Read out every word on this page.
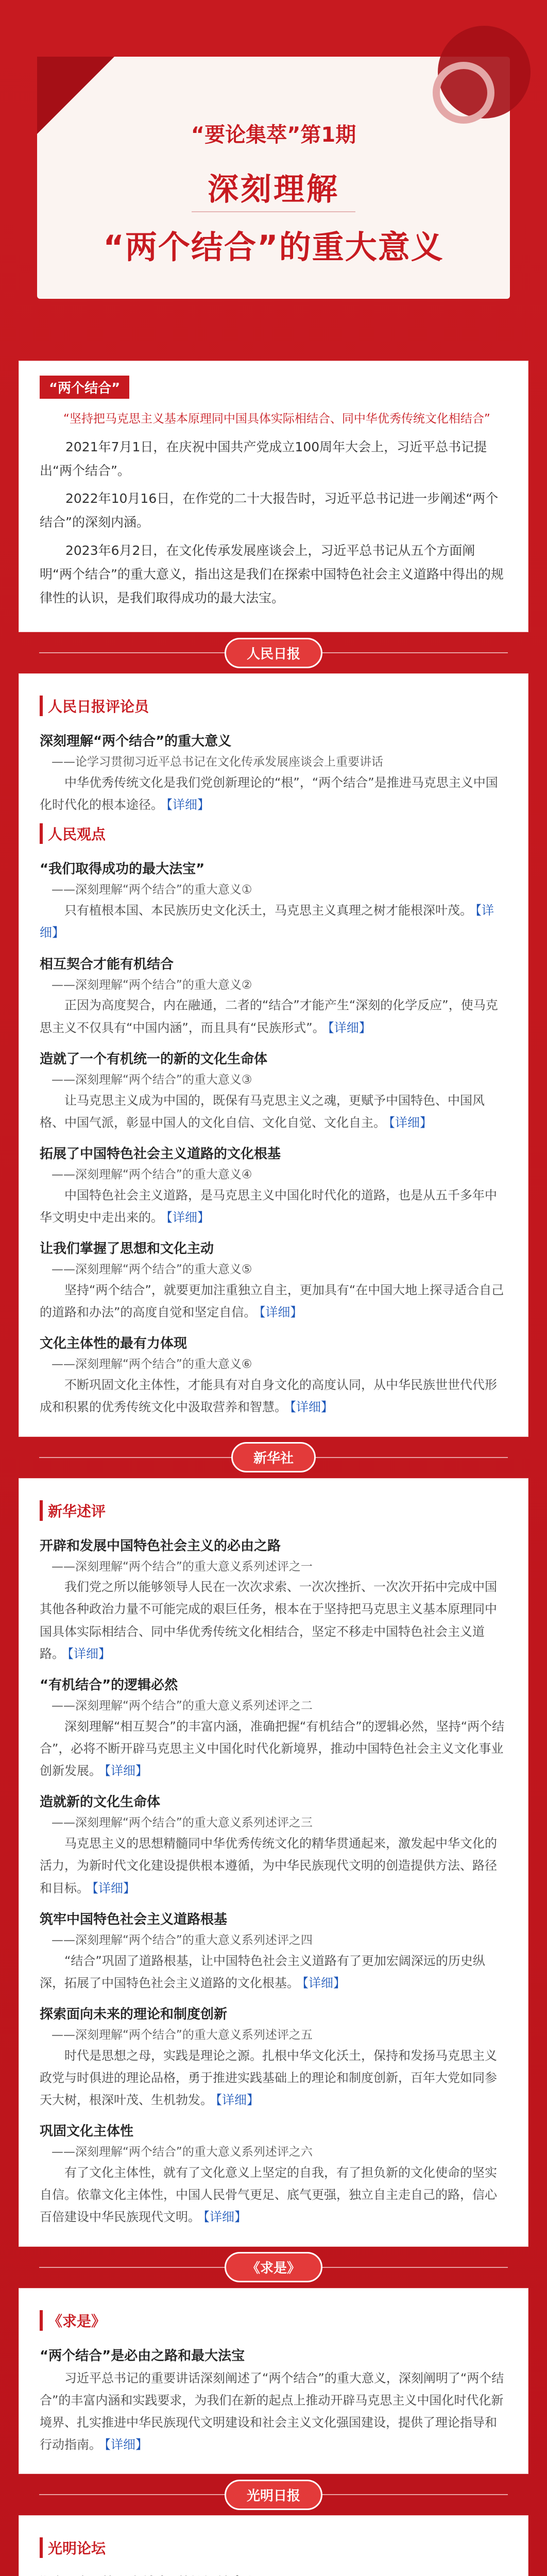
“要论集萃”第1期
深刻理解
“两个结合”的重大意义
“两个结合”
“坚持把马克思主义基本原理同中国具体实际相结合、同中华优秀传统文化相结合”
2021年7月1日，在庆祝中国共产党成立100周年大会上，习近平总书记提出“两个结合”。
2022年10月16日，在作党的二十大报告时，习近平总书记进一步阐述“两个结合”的深刻内涵。
2023年6月2日，在文化传承发展座谈会上，习近平总书记从五个方面阐明“两个结合”的重大意义，指出这是我们在探索中国特色社会主义道路中得出的规律性的认识，是我们取得成功的最大法宝。
人民日报
人民日报评论员
深刻理解“两个结合”的重大意义
——论学习贯彻习近平总书记在文化传承发展座谈会上重要讲话
中华优秀传统文化是我们党创新理论的“根”，“两个结合”是推进马克思主义中国化时代化的根本途径。 【详细】
人民观点
“我们取得成功的最大法宝”
——深刻理解“两个结合”的重大意义①
只有植根本国、本民族历史文化沃土，马克思主义真理之树才能根深叶茂。 【详细】
相互契合才能有机结合
——深刻理解“两个结合”的重大意义②
正因为高度契合，内在融通，二者的“结合”才能产生“深刻的化学反应”，使马克思主义不仅具有“中国内涵”，而且具有“民族形式”。 【详细】
造就了一个有机统一的新的文化生命体
——深刻理解“两个结合”的重大意义③
让马克思主义成为中国的，既保有马克思主义之魂，更赋予中国特色、中国风格、中国气派，彰显中国人的文化自信、文化自觉、文化自主。 【详细】
拓展了中国特色社会主义道路的文化根基
——深刻理解“两个结合”的重大意义④
中国特色社会主义道路，是马克思主义中国化时代化的道路，也是从五千多年中华文明史中走出来的。 【详细】
让我们掌握了思想和文化主动
——深刻理解“两个结合”的重大意义⑤
坚持“两个结合”，就要更加注重独立自主，更加具有“在中国大地上探寻适合自己的道路和办法”的高度自觉和坚定自信。 【详细】
文化主体性的最有力体现
——深刻理解“两个结合”的重大意义⑥
不断巩固文化主体性，才能具有对自身文化的高度认同，从中华民族世世代代形成和积累的优秀传统文化中汲取营养和智慧。 【详细】
新华社
新华述评
开辟和发展中国特色社会主义的必由之路
——深刻理解“两个结合”的重大意义系列述评之一
我们党之所以能够领导人民在一次次求索、一次次挫折、一次次开拓中完成中国其他各种政治力量不可能完成的艰巨任务，根本在于坚持把马克思主义基本原理同中国具体实际相结合、同中华优秀传统文化相结合，坚定不移走中国特色社会主义道路。 【详细】
“有机结合”的逻辑必然
——深刻理解“两个结合”的重大意义系列述评之二
深刻理解“相互契合”的丰富内涵，准确把握“有机结合”的逻辑必然，坚持“两个结合”，必将不断开辟马克思主义中国化时代化新境界，推动中国特色社会主义文化事业创新发展。 【详细】
造就新的文化生命体
——深刻理解“两个结合”的重大意义系列述评之三
马克思主义的思想精髓同中华优秀传统文化的精华贯通起来，激发起中华文化的活力，为新时代文化建设提供根本遵循，为中华民族现代文明的创造提供方法、路径和目标。 【详细】
筑牢中国特色社会主义道路根基
——深刻理解“两个结合”的重大意义系列述评之四
“结合”巩固了道路根基，让中国特色社会主义道路有了更加宏阔深远的历史纵深，拓展了中国特色社会主义道路的文化根基。 【详细】
探索面向未来的理论和制度创新
——深刻理解“两个结合”的重大意义系列述评之五
时代是思想之母，实践是理论之源。扎根中华文化沃土，保持和发扬马克思主义政党与时俱进的理论品格，勇于推进实践基础上的理论和制度创新，百年大党如同参天大树，根深叶茂、生机勃发。 【详细】
巩固文化主体性
——深刻理解“两个结合”的重大意义系列述评之六
有了文化主体性，就有了文化意义上坚定的自我，有了担负新的文化使命的坚实自信。依靠文化主体性，中国人民骨气更足、底气更强，独立自主走自己的路，信心百倍建设中华民族现代文明。 【详细】
《求是》
《求是》
“两个结合”是必由之路和最大法宝
习近平总书记的重要讲话深刻阐述了“两个结合”的重大意义，深刻阐明了“两个结合”的丰富内涵和实践要求，为我们在新的起点上推动开辟马克思主义中国化时代化新境界、扎实推进中华民族现代文明建设和社会主义文化强国建设，提供了理论指导和行动指南。 【详细】
光明日报
光明论坛
